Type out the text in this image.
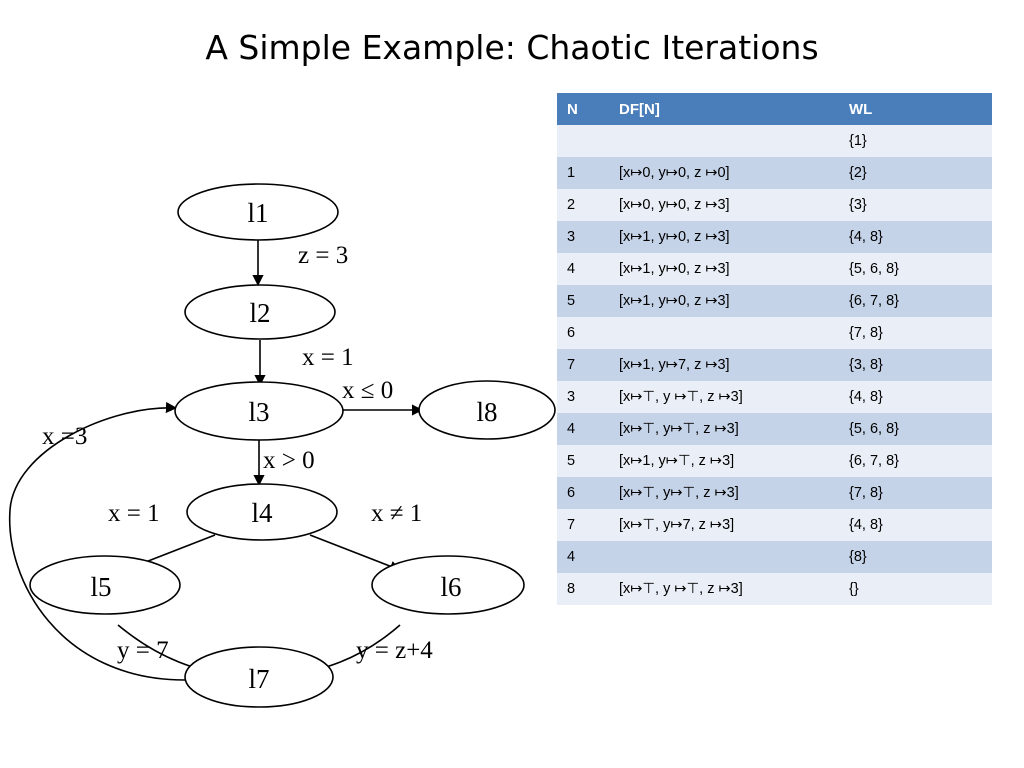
A Simple Example: Chaotic Iterations
l1
l2
l3
l4
l5	l6
l7
l8
z = 3
x = 1
x ≤ 0
x > 0
x = 1	x ≠ 1
y = 7	y = z+4
x =3
N	DF[N]	WL
		{1}
1	[x↦0, y↦0, z ↦0]	{2}
2	[x↦0, y↦0, z ↦3]	{3}
3	[x↦1, y↦0, z ↦3]	{4, 8}
4	[x↦1, y↦0, z ↦3]	{5, 6, 8}
5	[x↦1, y↦0, z ↦3]	{6, 7, 8}
6		{7, 8}
7	[x↦1, y↦7, z ↦3]	{3, 8}
3	[x↦⊤, y ↦⊤, z ↦3]	{4, 8}
4	[x↦⊤, y↦⊤, z ↦3]	{5, 6, 8}
5	[x↦1, y↦⊤, z ↦3]	{6, 7, 8}
6	[x↦⊤, y↦⊤, z ↦3]	{7, 8}
7	[x↦⊤, y↦7, z ↦3]	{4, 8}
4		{8}
8	[x↦⊤, y ↦⊤, z ↦3]	{}
